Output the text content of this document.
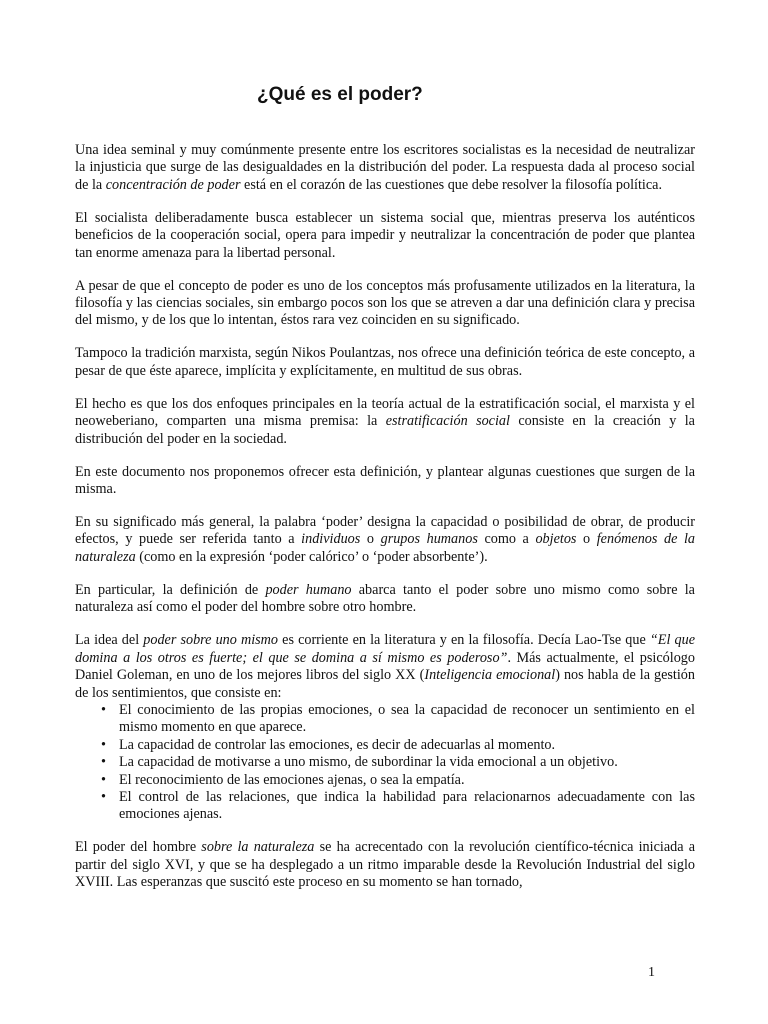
¿Qué es el poder?

Una idea seminal y muy comúnmente presente entre los escritores socialistas es la necesidad de neutralizar la injusticia que surge de las desigualdades en la distribución del poder. La respuesta dada al proceso social de la concentración de poder está en el corazón de las cuestiones que debe resolver la filosofía política.

El socialista deliberadamente busca establecer un sistema social que, mientras preserva los auténticos beneficios de la cooperación social, opera para impedir y neutralizar la concentración de poder que plantea tan enorme amenaza para la libertad personal.

A pesar de que el concepto de poder es uno de los conceptos más profusamente utilizados en la literatura, la filosofía y las ciencias sociales, sin embargo pocos son los que se atreven a dar una definición clara y precisa del mismo, y de los que lo intentan, éstos rara vez coinciden en su significado.

Tampoco la tradición marxista, según Nikos Poulantzas, nos ofrece una definición teórica de este concepto, a pesar de que éste aparece, implícita y explícitamente, en multitud de sus obras.

El hecho es que los dos enfoques principales en la teoría actual de la estratificación social, el marxista y el neoweberiano, comparten una misma premisa: la estratificación social consiste en la creación y la distribución del poder en la sociedad.

En este documento nos proponemos ofrecer esta definición, y plantear algunas cuestiones que surgen de la misma.

En su significado más general, la palabra ‘poder’ designa la capacidad o posibilidad de obrar, de producir efectos, y puede ser referida tanto a individuos o grupos humanos como a objetos o fenómenos de la naturaleza (como en la expresión ‘poder calórico’ o ‘poder absorbente’).

En particular, la definición de poder humano abarca tanto el poder sobre uno mismo como sobre la naturaleza así como el poder del hombre sobre otro hombre.

La idea del poder sobre uno mismo es corriente en la literatura y en la filosofía. Decía Lao-Tse que “El que domina a los otros es fuerte; el que se domina a sí mismo es poderoso”. Más actualmente, el psicólogo Daniel Goleman, en uno de los mejores libros del siglo XX (Inteligencia emocional) nos habla de la gestión de los sentimientos, que consiste en:

• El conocimiento de las propias emociones, o sea la capacidad de reconocer un sentimiento en el mismo momento en que aparece.
• La capacidad de controlar las emociones, es decir de adecuarlas al momento.
• La capacidad de motivarse a uno mismo, de subordinar la vida emocional a un objetivo.
• El reconocimiento de las emociones ajenas, o sea la empatía.
• El control de las relaciones, que indica la habilidad para relacionarnos adecuadamente con las emociones ajenas.

El poder del hombre sobre la naturaleza se ha acrecentado con la revolución científico-técnica iniciada a partir del siglo XVI, y que se ha desplegado a un ritmo imparable desde la Revolución Industrial del siglo XVIII. Las esperanzas que suscitó este proceso en su momento se han tornado,

1
